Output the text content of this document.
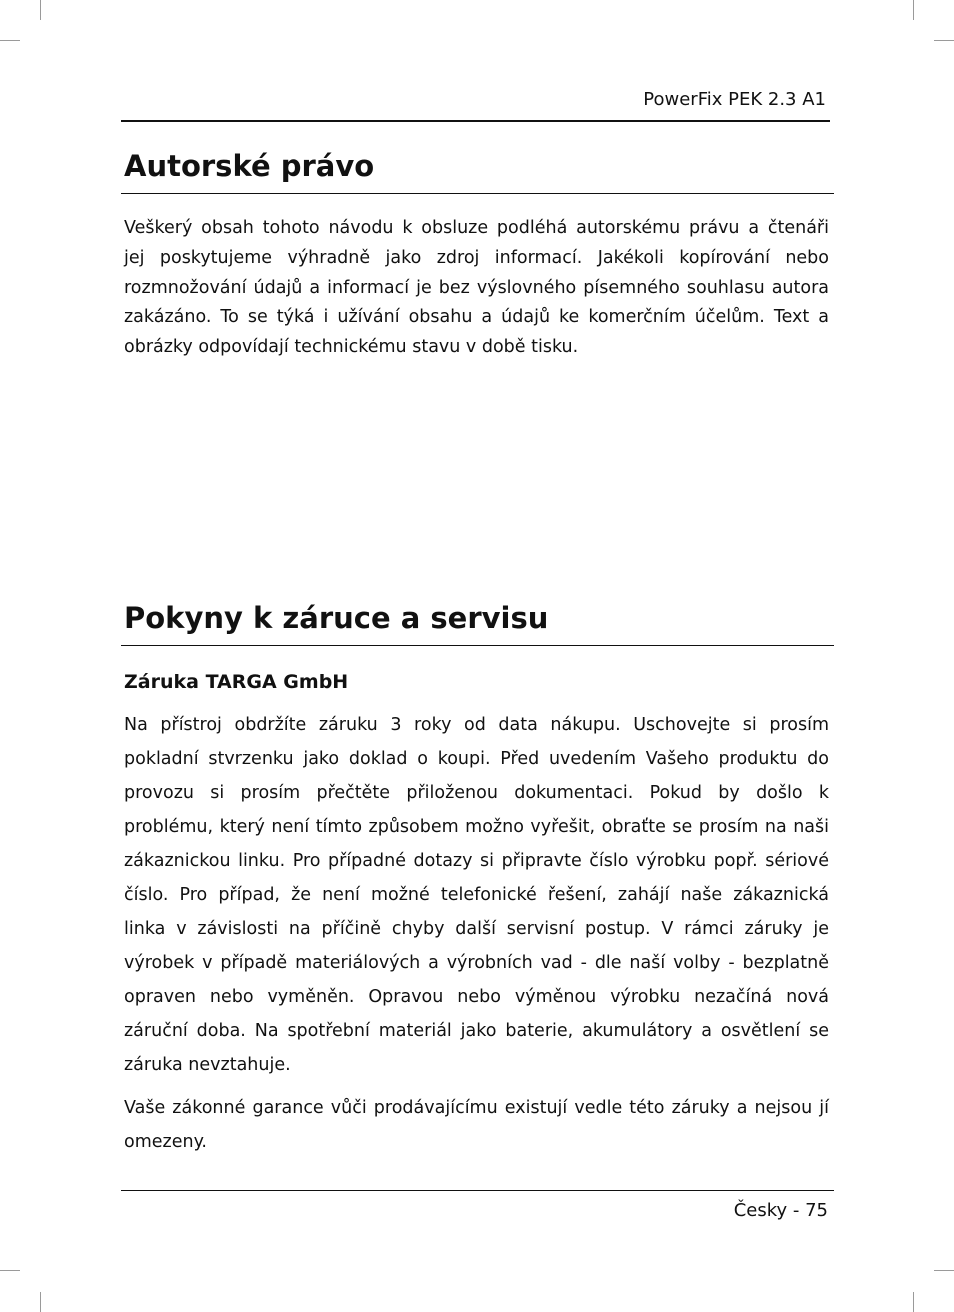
PowerFix PEK 2.3 A1
Autorské právo
Veškerý obsah tohoto návodu k obsluze podléhá autorskému právu a čtenáři
jej poskytujeme výhradně jako zdroj informací. Jakékoli kopírování nebo
rozmnožování údajů a informací je bez výslovného písemného souhlasu autora
zakázáno. To se týká i užívání obsahu a údajů ke komerčním účelům. Text a
obrázky odpovídají technickému stavu v době tisku.
Pokyny k záruce a servisu
Záruka TARGA GmbH
Na přístroj obdržíte záruku 3 roky od data nákupu. Uschovejte si prosím
pokladní stvrzenku jako doklad o koupi. Před uvedením Vašeho produktu do
provozu si prosím přečtěte přiloženou dokumentaci. Pokud by došlo k
problému, který není tímto způsobem možno vyřešit, obraťte se prosím na naši
zákaznickou linku. Pro případné dotazy si připravte číslo výrobku popř. sériové
číslo. Pro případ, že není možné telefonické řešení, zahájí naše zákaznická
linka v závislosti na příčině chyby další servisní postup. V rámci záruky je
výrobek v případě materiálových a výrobních vad - dle naší volby - bezplatně
opraven nebo vyměněn. Opravou nebo výměnou výrobku nezačíná nová
záruční doba. Na spotřební materiál jako baterie, akumulátory a osvětlení se
záruka nevztahuje.
Vaše zákonné garance vůči prodávajícímu existují vedle této záruky a nejsou jí
omezeny.
Česky - 75
